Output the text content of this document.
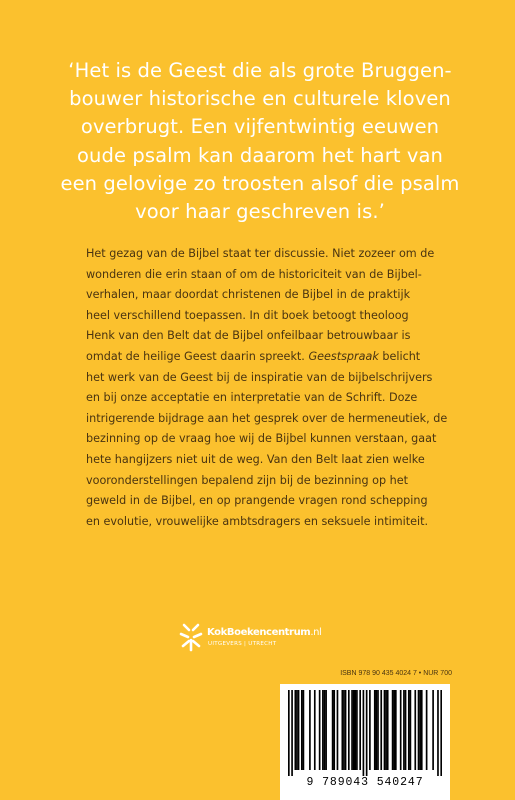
‘Het is de Geest die als grote Bruggen-
bouwer historische en culturele kloven
overbrugt. Een vijfentwintig eeuwen
oude psalm kan daarom het hart van
een gelovige zo troosten alsof die psalm
voor haar geschreven is.’
Het gezag van de Bijbel staat ter discussie. Niet zozeer om de
wonderen die erin staan of om de historiciteit van de Bijbel-
verhalen, maar doordat christenen de Bijbel in de praktijk
heel verschillend toepassen. In dit boek betoogt theoloog
Henk van den Belt dat de Bijbel onfeilbaar betrouwbaar is
omdat de heilige Geest daarin spreekt. Geestspraak belicht
het werk van de Geest bij de inspiratie van de bijbelschrijvers
en bij onze acceptatie en interpretatie van de Schrift. Doze
intrigerende bijdrage aan het gesprek over de hermeneutiek, de
bezinning op de vraag hoe wij de Bijbel kunnen verstaan, gaat
hete hangijzers niet uit de weg. Van den Belt laat zien welke
vooronderstellingen bepalend zijn bij de bezinning op het
geweld in de Bijbel, en op prangende vragen rond schepping
en evolutie, vrouwelijke ambtsdragers en seksuele intimiteit.
KokBoekencentrum.nl
UITGEVERS | UTRECHT
ISBN 978 90 435 4024 7 • NUR 700
9 789043 540247
